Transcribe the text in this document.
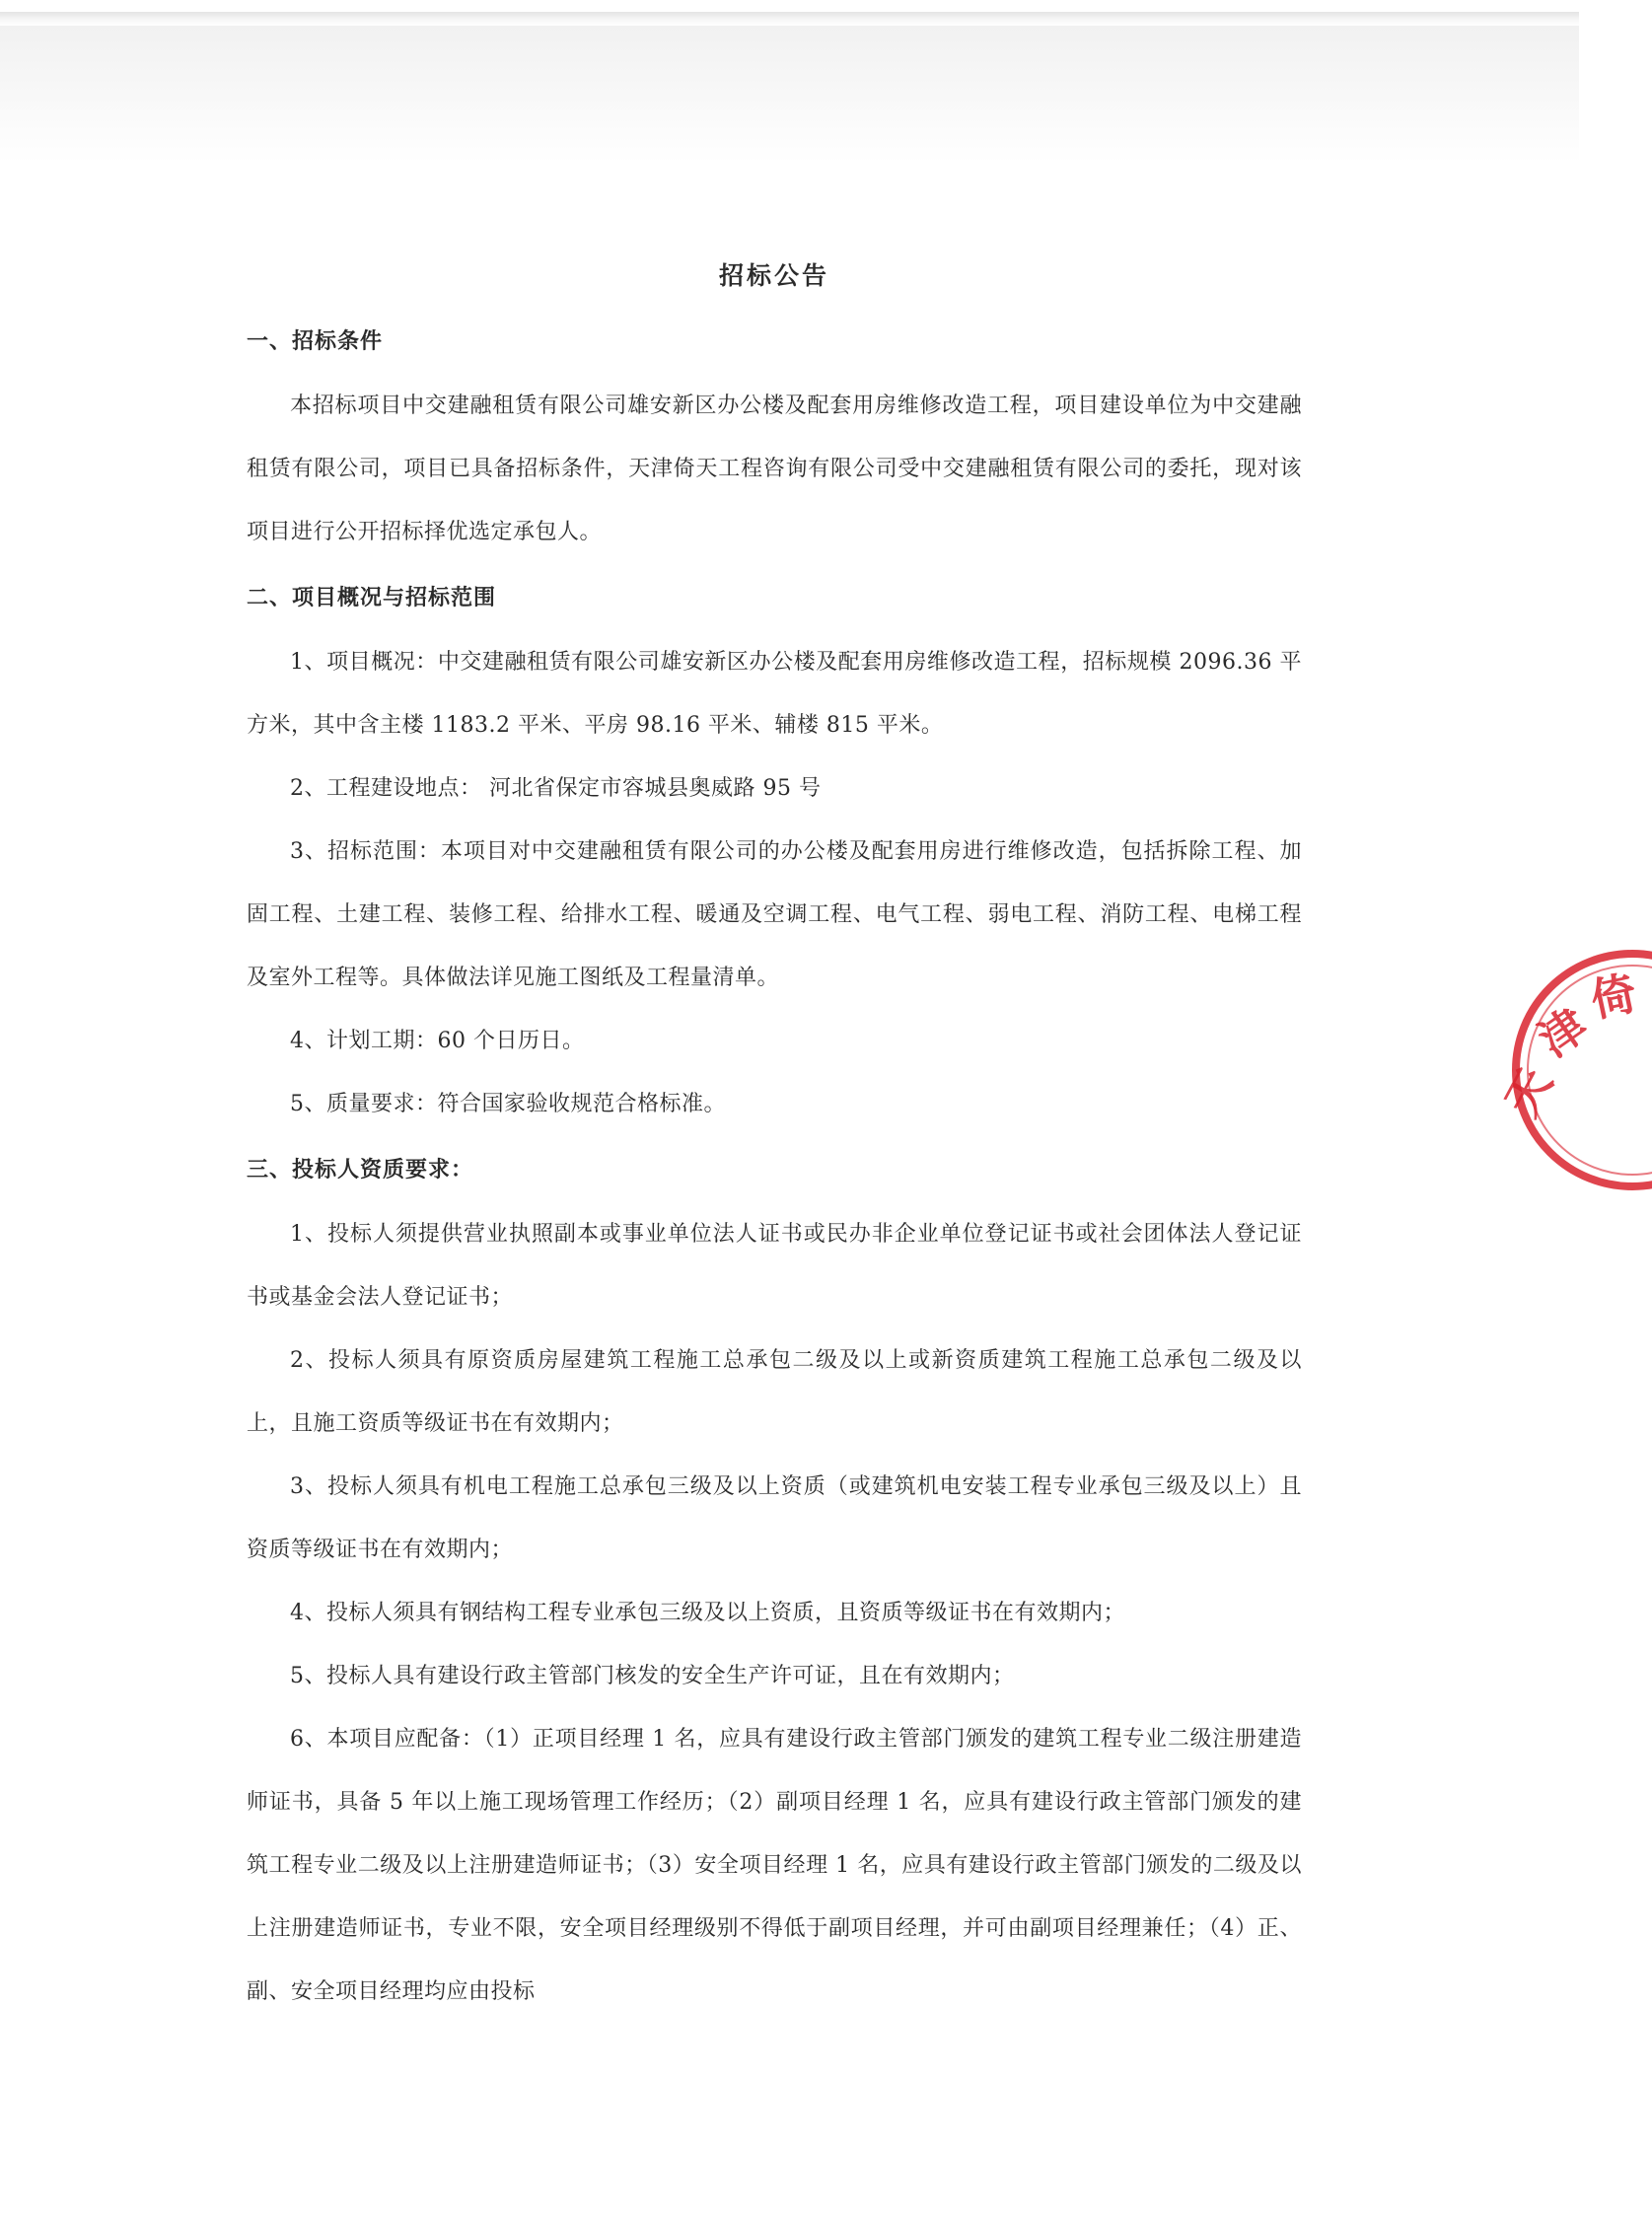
招标公告
一、招标条件

本招标项目中交建融租赁有限公司雄安新区办公楼及配套用房维修改造工程，项目建设单位为中交建融租赁有限公司，项目已具备招标条件，天津倚天工程咨询有限公司受中交建融租赁有限公司的委托，现对该项目进行公开招标择优选定承包人。

二、项目概况与招标范围

1、项目概况：中交建融租赁有限公司雄安新区办公楼及配套用房维修改造工程，招标规模 2096.36 平方米，其中含主楼 1183.2 平米、平房 98.16 平米、辅楼 815 平米。

2、工程建设地点： 河北省保定市容城县奥威路 95 号

3、招标范围：本项目对中交建融租赁有限公司的办公楼及配套用房进行维修改造，包括拆除工程、加固工程、土建工程、装修工程、给排水工程、暖通及空调工程、电气工程、弱电工程、消防工程、电梯工程及室外工程等。具体做法详见施工图纸及工程量清单。

4、计划工期：60 个日历日。

5、质量要求：符合国家验收规范合格标准。

三、投标人资质要求：

1、投标人须提供营业执照副本或事业单位法人证书或民办非企业单位登记证书或社会团体法人登记证书或基金会法人登记证书；

2、投标人须具有原资质房屋建筑工程施工总承包二级及以上或新资质建筑工程施工总承包二级及以上，且施工资质等级证书在有效期内；

3、投标人须具有机电工程施工总承包三级及以上资质（或建筑机电安装工程专业承包三级及以上）且资质等级证书在有效期内；

4、投标人须具有钢结构工程专业承包三级及以上资质，且资质等级证书在有效期内；

5、投标人具有建设行政主管部门核发的安全生产许可证，且在有效期内；

6、本项目应配备：（1）正项目经理 1 名，应具有建设行政主管部门颁发的建筑工程专业二级注册建造师证书，具备 5 年以上施工现场管理工作经历；（2）副项目经理 1 名，应具有建设行政主管部门颁发的建筑工程专业二级及以上注册建造师证书；（3）安全项目经理 1 名，应具有建设行政主管部门颁发的二级及以上注册建造师证书，专业不限，安全项目经理级别不得低于副项目经理，并可由副项目经理兼任；（4）正、副、安全项目经理均应由投标

天
津
倚
